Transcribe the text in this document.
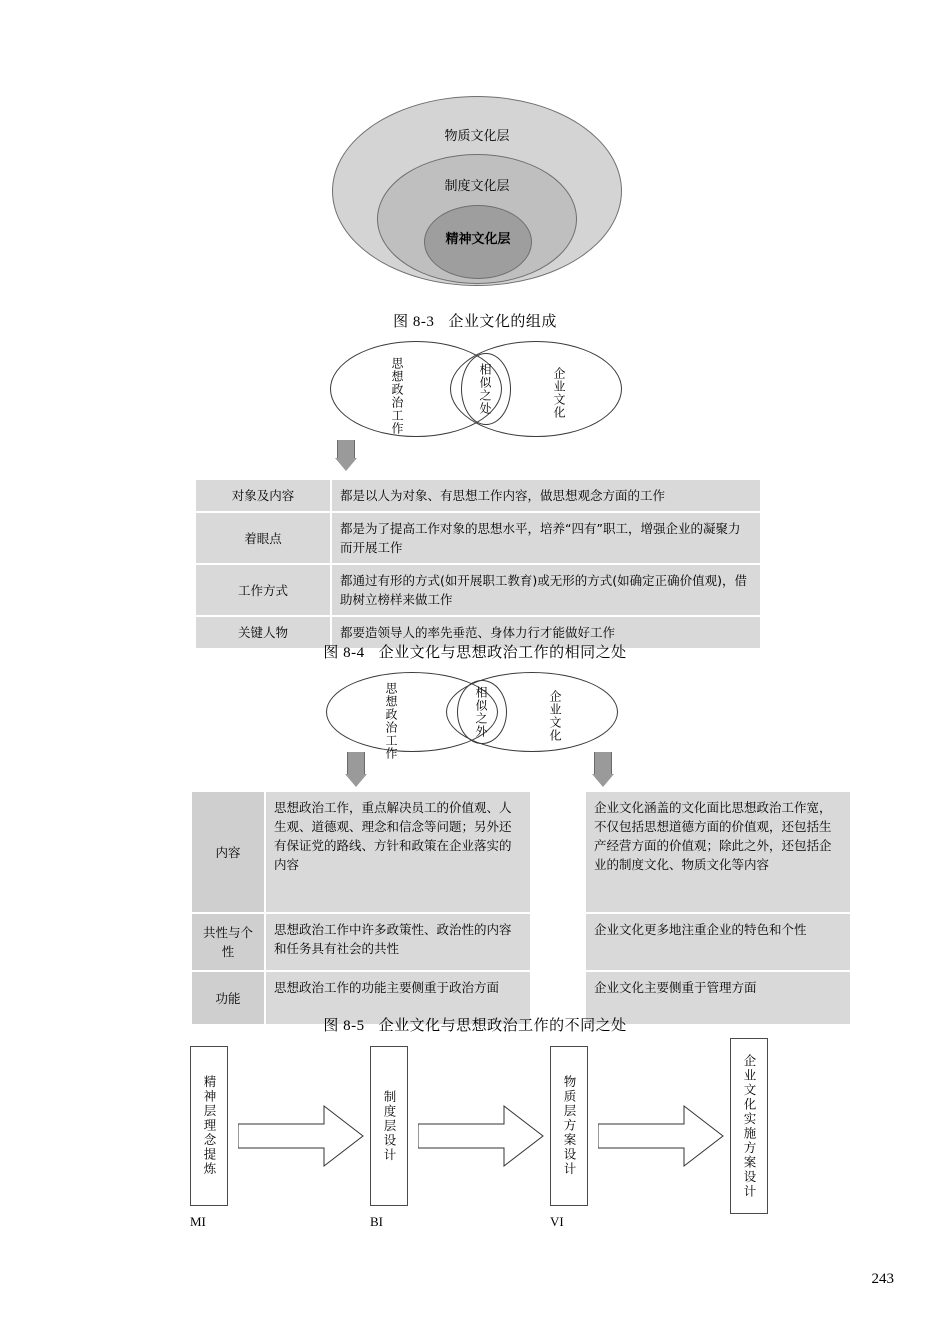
物质文化层
制度文化层
精神文化层
图 8-3 企业文化的组成
思想政治工作	相似之处	企业文化
对象及内容	都是以人为对象、有思想工作内容，做思想观念方面的工作
着眼点	都是为了提高工作对象的思想水平，培养“四有”职工，增强企业的凝聚力而开展工作
工作方式	都通过有形的方式(如开展职工教育)或无形的方式(如确定正确价值观)，借助树立榜样来做工作
关键人物	都要造领导人的率先垂范、身体力行才能做好工作
图 8-4 企业文化与思想政治工作的相同之处
思想政治工作	相似之外	企业文化
内容	思想政治工作，重点解决员工的价值观、人生观、道德观、理念和信念等问题；另外还有保证党的路线、方针和政策在企业落实的内容		企业文化涵盖的文化面比思想政治工作宽，不仅包括思想道德方面的价值观，还包括生产经营方面的价值观；除此之外，还包括企业的制度文化、物质文化等内容
共性与个性	思想政治工作中许多政策性、政治性的内容和任务具有社会的共性		企业文化更多地注重企业的特色和个性
功能	思想政治工作的功能主要侧重于政治方面		企业文化主要侧重于管理方面
图 8-5 企业文化与思想政治工作的不同之处
精神层理念提炼
MI
制度层设计
BI
物质层方案设计
VI
企业文化实施方案设计
243
